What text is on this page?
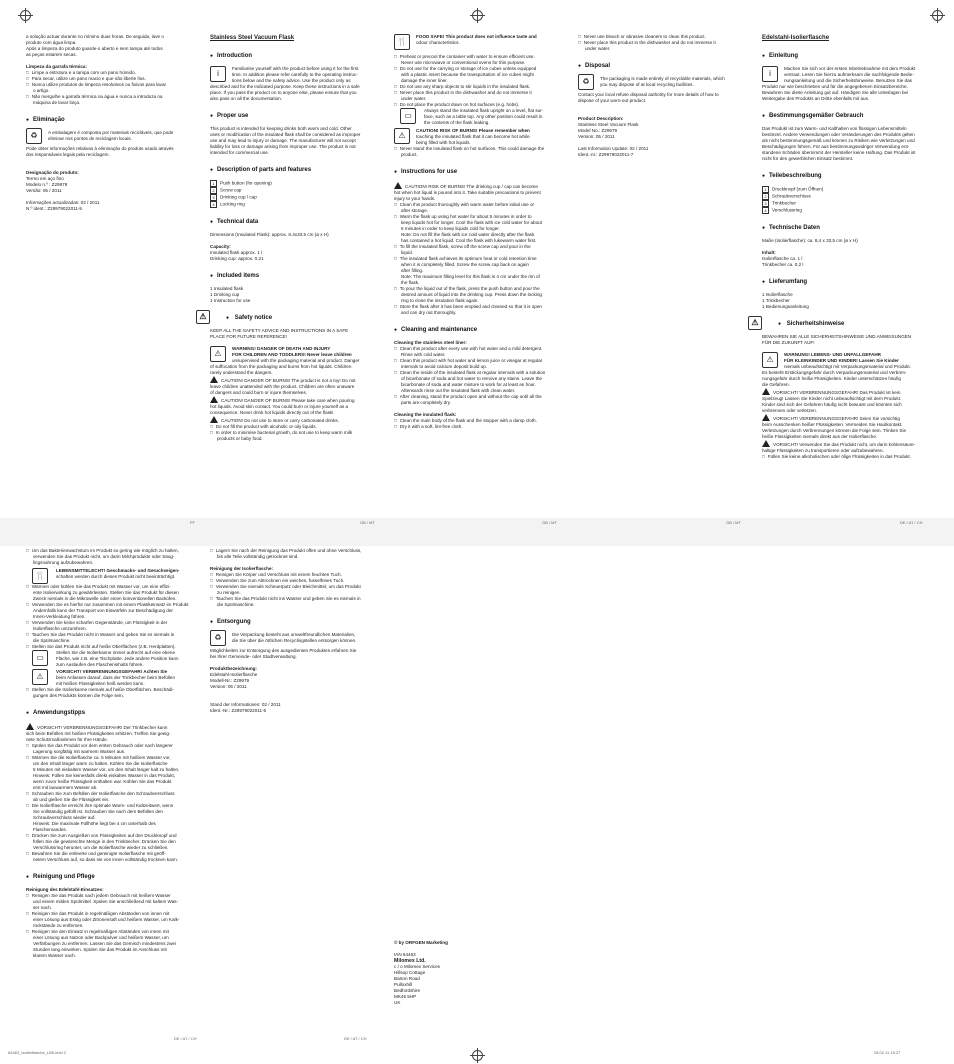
a solução actuar durante no mínimo duas horas. De seguida, lave o
produto com água limpa.
Após a limpeza do produto guarde-o aberto e sem tampa até todos
as peças estarem secas.
Limpeza da garrafa térmica:
□ Limpe a estrutura e a tampa com um pano húmido.
□ Para secar, utilize um pano macio e que não liberte fios.
□ Nunca utilize produtos de limpeza resolutivos ou fixivos para lavar
o artigo.
□ Não mergulhe a garrafa térmica na água e nunca a introduza na
máquina de lavar loiça.
● Eliminação
♻	A embalagem é composta por materiais recicláveis, que pode
eliminar nos pontos de reciclagem locais.
Pode obter informações relativas à eliminação do produto usado através
dos responsáveis legais pela reciclagem.
Designação do produto:
Termo em aço fino
Modelo n.º : Z29979
Versão: 05 / 2011
Informações actualizadas: 02 / 2011
N.º ident.: Z29979022011-5
Stainless Steel Vacuum Flask
● Introduction
i
Familiarise yourself with the product before using it for the first
time. In addition please refer carefully to the operating instruc-
tions below and the safety advice. Use the product only as
described and for the indicated purpose. Keep these instructions in a safe
place. If you pass the product on to anyone else, please ensure that you
also pass on all the documentation.
● Proper use
This product is intended for keeping drinks both warm and cold. Other
uses or modification of the insulated flask shall be considered as improper
use and may lead to injury or damage. The manufacturer will not accept
liability for loss or damage arising from improper use. The product is not
intended for commercial use.
● Description of parts and features
1 Push button (for opening)
2 Screw cap
3 Drinking cup / cap
4 Locking ring
● Technical data
Dimensions (Insulated Flask): approx. 8.4x33.5 cm (ø x H)
Capacity:
Insulated flask approx. 1 l
Drinking cup: approx. 0.21
● Included items
1 Insulated flask
1 Drinking cup
1 Instruction for use

● ⚠	Safety notice
KEEP ALL THE SAFETY ADVICE AND INSTRUCTIONS IN A SAFE
PLACE FOR FUTURE REFERENCE!
⚠
WARNING! DANGER OF DEATH AND INJURY
FOR CHILDREN AND TODDLERS! Never leave children
unsupervised with the packaging material and product. Danger
of suffocation from the packaging and burns from hot liquids. Children
rarely understand the dangers.
CAUTION! DANGER OF BURNS! The product is not a toy! Do not
leave children unattended with the product. Children are often unaware
of dangers and could burn or injure themselves.
CAUTION! DANGER OF BURNS! Please take care when pouring
hot liquids. Avoid skin contact. You could burn or injure yourself as a
consequence. Never drink hot liquids directly out of the flask!
CAUTION! Do not use to store or carry carbonated drinks.
□ Do not fill the product with alcoholic or oily liquids.
□ In order to minimise bacterial growth, do not use to keep warm milk
products or baby food.
🍴
FOOD SAFE! This product does not influence taste and
odour characteristics.
□ Preheat or precool the container with water to ensure efficient use.
Never use microwave or conventional ovens for this purpose.
□ Do not use for the carrying or storage of ice cubes unless equipped
with a plastic insert because the transportation of ice cubes might
damage the inner liner.
□ Do not use any sharp objects to stir liquids in the insulated flask.
□ Never place this product in the dishwasher and do not immerse it
under water.
□ Do not place the product down on hot surfaces (e.g. hobs).
▭
Always stand the insulated flask upright on a level, flat sur-
face, such as a table top. Any other position could result in
the contents of the flask leaking.
⚠
CAUTION! RISK OF BURNS! Please remember when
touching the insulated flask that it can become hot while
being filled with hot liquids.
□ Never stand the insulated flask on hot surfaces. This could damage the
product.
● Instructions for use
CAUTION! RISK OF BURNS! The drinking cup / cap can become
hot when hot liquid is poured into it. Take suitable precautions to prevent
injury to your hands.
□ Clean this product thoroughly with warm water before initial use or
after storage.
□ Warm the flask up using hot water for about 5 minutes in order to
keep liquids hot for longer. Cool the flask with ice cold water for about
5 minutes in order to keep liquids cold for longer.
Note: Do not fill the flask with ice cold water directly after the flask
has contained a hot liquid. Cool the flask with lukewarm water first.
□ To fill the insulated flask, screw off the screw cap and pour in the
liquid.
□ The insulated flask achieves its optimum heat or cold retention time
when it is completely filled. Screw the screw cap back on again
after filling.
Note: The maximum filling level for this flask is 4 cm under the rim of
the flask.
□ To pour the liquid out of the flask, press the push button and pour the
desired amount of liquid into the drinking cup. Press down the locking
ring to close the insulation flask again.
□ Store the flask after it has been emptied and cleaned so that it is open
and can dry out thoroughly.
● Cleaning and maintenance
Cleaning the stainless steel liner:
□ Clean this product after every use with hot water and a mild detergent.
Rinse with cold water.
□ Clean this product with hot water and lemon juice or vinegar at regular
intervals to avoid calcium deposit build up.
□ Clean the inside of the insulated flask at regular intervals with a solution
of bicarbonate of soda and hot water to remove any stains. Leave the
bicarbonate of soda and water mixture to work for at least an hour.
Afterwards rinse out the insulated flask with clean water.
□ After cleaning, stand the product open and without the cap until all the
parts are completely dry.
Cleaning the insulated flask:
□ Clean the main body of the flask and the stopper with a damp cloth.
□ Dry it with a soft, lint-free cloth.
□ Never use bleach or abrasive cleaners to clean this product.
□ Never place this product in the dishwasher and do not immerse it
under water.
● Disposal
♻	The packaging is made entirely of recyclable materials, which
you may dispose of at local recycling facilities.
Contact your local refuse disposal authority for more details of how to
dispose of your worn-out product.
Product Description:
Stainless Steel Vacuum Flask
Model No.: Z29979
Version: 05 / 2011
Last Information Update: 02 / 2011
Ident.-nr.: Z29979022011-7
Edelstahl-Isolierflasche
● Einleitung
i
Machen Sie sich vor der ersten Inbetriebnahme mit dem Produkt
vertraut. Lesen Sie hierzu aufmerksam die nachfolgende Bedie-
nungsanleitung und die Sicherheitshinweise. Benutzen Sie das
Produkt nur wie beschrieben und für die angegebenen Einsatzbereiche.
Bewahren Sie diese Anleitung gut auf. Händigen Sie alle Unterlagen bei
Weitergabe des Produkts an Dritte ebenfalls mit aus.
● Bestimmungsgemäßer Gebrauch
Das Produkt ist zum Warm- und Kalthalten von flüssigen Lebensmitteln
bestimmt. Andere Verwendungen oder Veränderungen des Produkts gelten
als nicht bestimmungsgemäß und können zu Risiken wie Verletzungen und
Beschädigungen führen. Für aus bestimmungswidriger Verwendung ent-
standene Schäden übernimmt der Hersteller keine Haftung. Das Produkt ist
nicht für den gewerblichen Einsatz bestimmt.
● Teilebeschreibung
1 Druckknopf (zum Öffnen)
2 Schraubverschluss
3 Trinkbecher
4 Verschlussring
● Technische Daten
Maße (Isolierflasche): ca. 8,4 x 33,5 cm (ø x H)
Inhalt:
Isolierflasche ca. 1 l
Trinkbecher ca. 0,2 l
● Lieferumfang
1 Isolierflasche
1 Trinkbecher
1 Bedienungsanleitung

● ⚠	Sicherheitshinweise
BEWAHREN SIE ALLE SICHERHEITSHINWEISE UND ANWEISUNGEN
FÜR DIE ZUKUNFT AUF!
⚠
WARNUNG! LEBENS- UND UNFALLGEFAHR
FÜR KLEINKINDER UND KINDER! Lassen Sie Kinder
niemals unbeaufsichtigt mit Verpackungsmaterial und Produkt.
Es besteht Erstickungsgefahr durch Verpackungsmaterial und Verbren-
nungsgefahr durch heiße Flüssigkeiten. Kinder unterschätzen häufig
die Gefahren.
VORSICHT! VERBRENNUNGSGEFAHR! Das Produkt ist kein
Spielzeug! Lassen Sie Kinder nicht unbeaufsichtigt mit dem Produkt.
Kinder sind sich der Gefahren häufig nicht bewusst und könnten sich
verbrennen oder verletzen.
VORSICHT! VERBRENNUNGSGEFAHR! Seien Sie vorsichtig
beim Ausschenken heißer Flüssigkeiten. Vermeiden Sie Hautkontakt.
Verletzungen durch Verbrennungen können die Folge sein. Trinken Sie
heiße Flüssigkeiten niemals direkt aus der Isolierflasche.
VORSICHT! Verwenden Sie das Produkt nicht, um darin kohlensäure-
haltige Flüssigkeiten zu transportieren oder aufzubewahren.
□ Füllen Sie keine alkoholischen oder ölige Flüssigkeiten in das Produkt.
PT	GB / MT	GB / MT	GB / MT	DE / AT / CH
□ Um das Bakterienwachstum im Produkt so gering wie möglich zu halten,
verwenden Sie das Produkt nicht, um darin Milchprodukte oder Säug-
lingsnahrung aufzubewahren.
🍴
LEBENSMITTELECHT! Geschmacks- und Geruchseigen-
schaften werden durch dieses Produkt nicht beeinträchtigt.
□ Wärmen oder kühlen Sie das Produkt mit Wasser vor, um eine effizi-
ente Isolierwirkung zu gewährleisten. Stellen Sie das Produkt für diesen
Zweck niemals in die Mikrowelle oder einen konventionellen Backofen.
□ Verwenden Sie es hierfür nur zusammen mit einem Plastikeinsatz im Produkt
Andernfalls kann der Transport von Eiswürfeln zur Beschädigung der
Innen-Verkleidung führen.
□ Verwenden Sie keine scharfen Gegenstände, um Flüssigkeit in der
Isolierflasche umzurühren.
□ Tauchen Sie das Produkt nicht in Wasser und geben Sie es niemals in
die Spülmaschine.
□ Stellen Sie das Produkt nicht auf heiße Oberflächen (z.B. Herdplatten).
▭
Stellen Sie die Isolierkanne immer aufrecht auf eine ebene
Fläche, wie z.B. eine Tischplatte. Jede andere Position kann
zum Auslaufen des Flascheninhalts führen.
⚠
VORSICHT! VERBRENNUNGSGEFAHR! Achten Sie
beim Anfassen darauf, dass der Trinkbecher beim Befüllen
mit heißen Flüssigkeiten heiß werden kann.
□ Stellen Sie die Isolierkanne niemals auf heiße Oberflächen. Beschädi-
gungen des Produkts können die Folge sein.
● Anwendungstipps
VORSICHT! VERBRENNUNGSGEFAHR! Der Trinkbecher kann
sich beim Befüllen mit heißen Flüssigkeiten erhitzen. Treffen Sie geeig-
nete Schutzmaßnahmen für Ihre Hände.
□ Spülen Sie das Produkt vor dem ersten Gebrauch oder nach längerer
Lagerung sorgfältig mit warmem Wasser aus.
□ Wärmen Sie die Isolierflasche ca. 5 Minuten mit heißem Wasser vor,
um den Inhalt länger warm zu halten. Kühlen Sie die Isolierflasche
5 Minuten mit eiskaltem Wasser vor, um den Inhalt länger kalt zu halten.
Hinweis: Füllen Sie keinesfalls direkt eiskaltes Wasser in das Produkt,
wenn zuvor heiße Flüssigkeit enthalten war. Kühlen Sie das Produkt
erst mit lauwarmem Wasser ab.
□ Schrauben Sie zum Befüllen der Isolierflasche den Schraubverschluss
ab und gießen Sie die Flüssigkeit ein.
□ Die Isolierflasche erreicht ihre optimale Warm- und Kaltzeitwert, wenn
Sie vollständig gefüllt ist. Schrauben Sie nach dem Befüllen den
Schraubverschluss wieder auf.
Hinweis: Die maximale Füllhöhe liegt bei 4 cm unterhalb des
Flaschenrandes.
□ Drücken Sie zum Ausgießen von Flüssigkeiten auf den Druckknopf und
füllen Sie die gewünschte Menge in den Trinkbecher. Drücken Sie den
Verschlussring herunter, um die Isolierflasche wieder zu schließen.
□ Bewahren Sie die entleerte und gereinigte Isolierflasche mit geöff-
netem Verschluss auf, so dass sie von innen vollständig trocknen kann.
● Reinigung und Pflege
Reinigung des Edelstahl-Einsatzes:
□ Reinigen Sie das Produkt nach jedem Gebrauch mit heißem Wasser
und einem milden Spülmittel. Spülen Sie anschließend mit kaltem Was-
ser nach.
□ Reinigen Sie das Produkt in regelmäßigen Abständen von innen mit
einer Lösung aus Essig oder Zitronensaft und heißem Wasser, um Kalk-
rückstände zu entfernen.
□ Reinigen Sie den Einsatz in regelmäßigen Abständen von innen mit
einer Lösung aus Natron oder Backpulver und heißem Wasser, um
Verfärbungen zu entfernen. Lassen Sie das Gemisch mindestens zwei
Stunden lang einwirken. Spülen Sie das Produkt im Anschluss mit
klarem Wasser nach.
□ Lagern Sie nach der Reinigung das Produkt offen und ohne Verschluss,
bis alle Teile vollständig getrocknet sind.
Reinigung der Isolierflasche:
□ Reinigen Sie Körper und Verschluss mit einem feuchten Tuch.
□ Verwenden Sie zum Abtrocknen ein weiches, fusselfreies Tuch.
□ Verwenden Sie niemals Scheuerputz oder Bleichmittel, um das Produkt
zu reinigen.
□ Tauchen Sie das Produkt nicht ins Wasser und geben Sie es niemals in
die Spülmaschine.
● Entsorgung
♻	Die Verpackung besteht aus umweltfreundlichen Materialien,
die Sie über die örtlichen Recyclingstellen entsorgen können.
Möglichkeiten zur Entsorgung des ausgedienten Produktes erfahren Sie
bei Ihrer Gemeinde- oder Stadtverwaltung.
Produktbezeichnung:
Edelstahl-Isolierflasche
Modell-Nr.: Z29979
Version: 05 / 2011
Stand der Informationen: 02 / 2011
Ident.-Nr.: Z29979022011-5
© by ORFGEN Marketing
IAN 64463
Milomex Ltd.
c / o Milomex Services
Hillsop Cottage
Barton Road
Pulloxhill
Bedfordshire
MK45 5HP
UK
DE / AT / CH	DE / AT / CH
64463_Isolierflasche_LB5.indd 2	28.02.11 15:27
